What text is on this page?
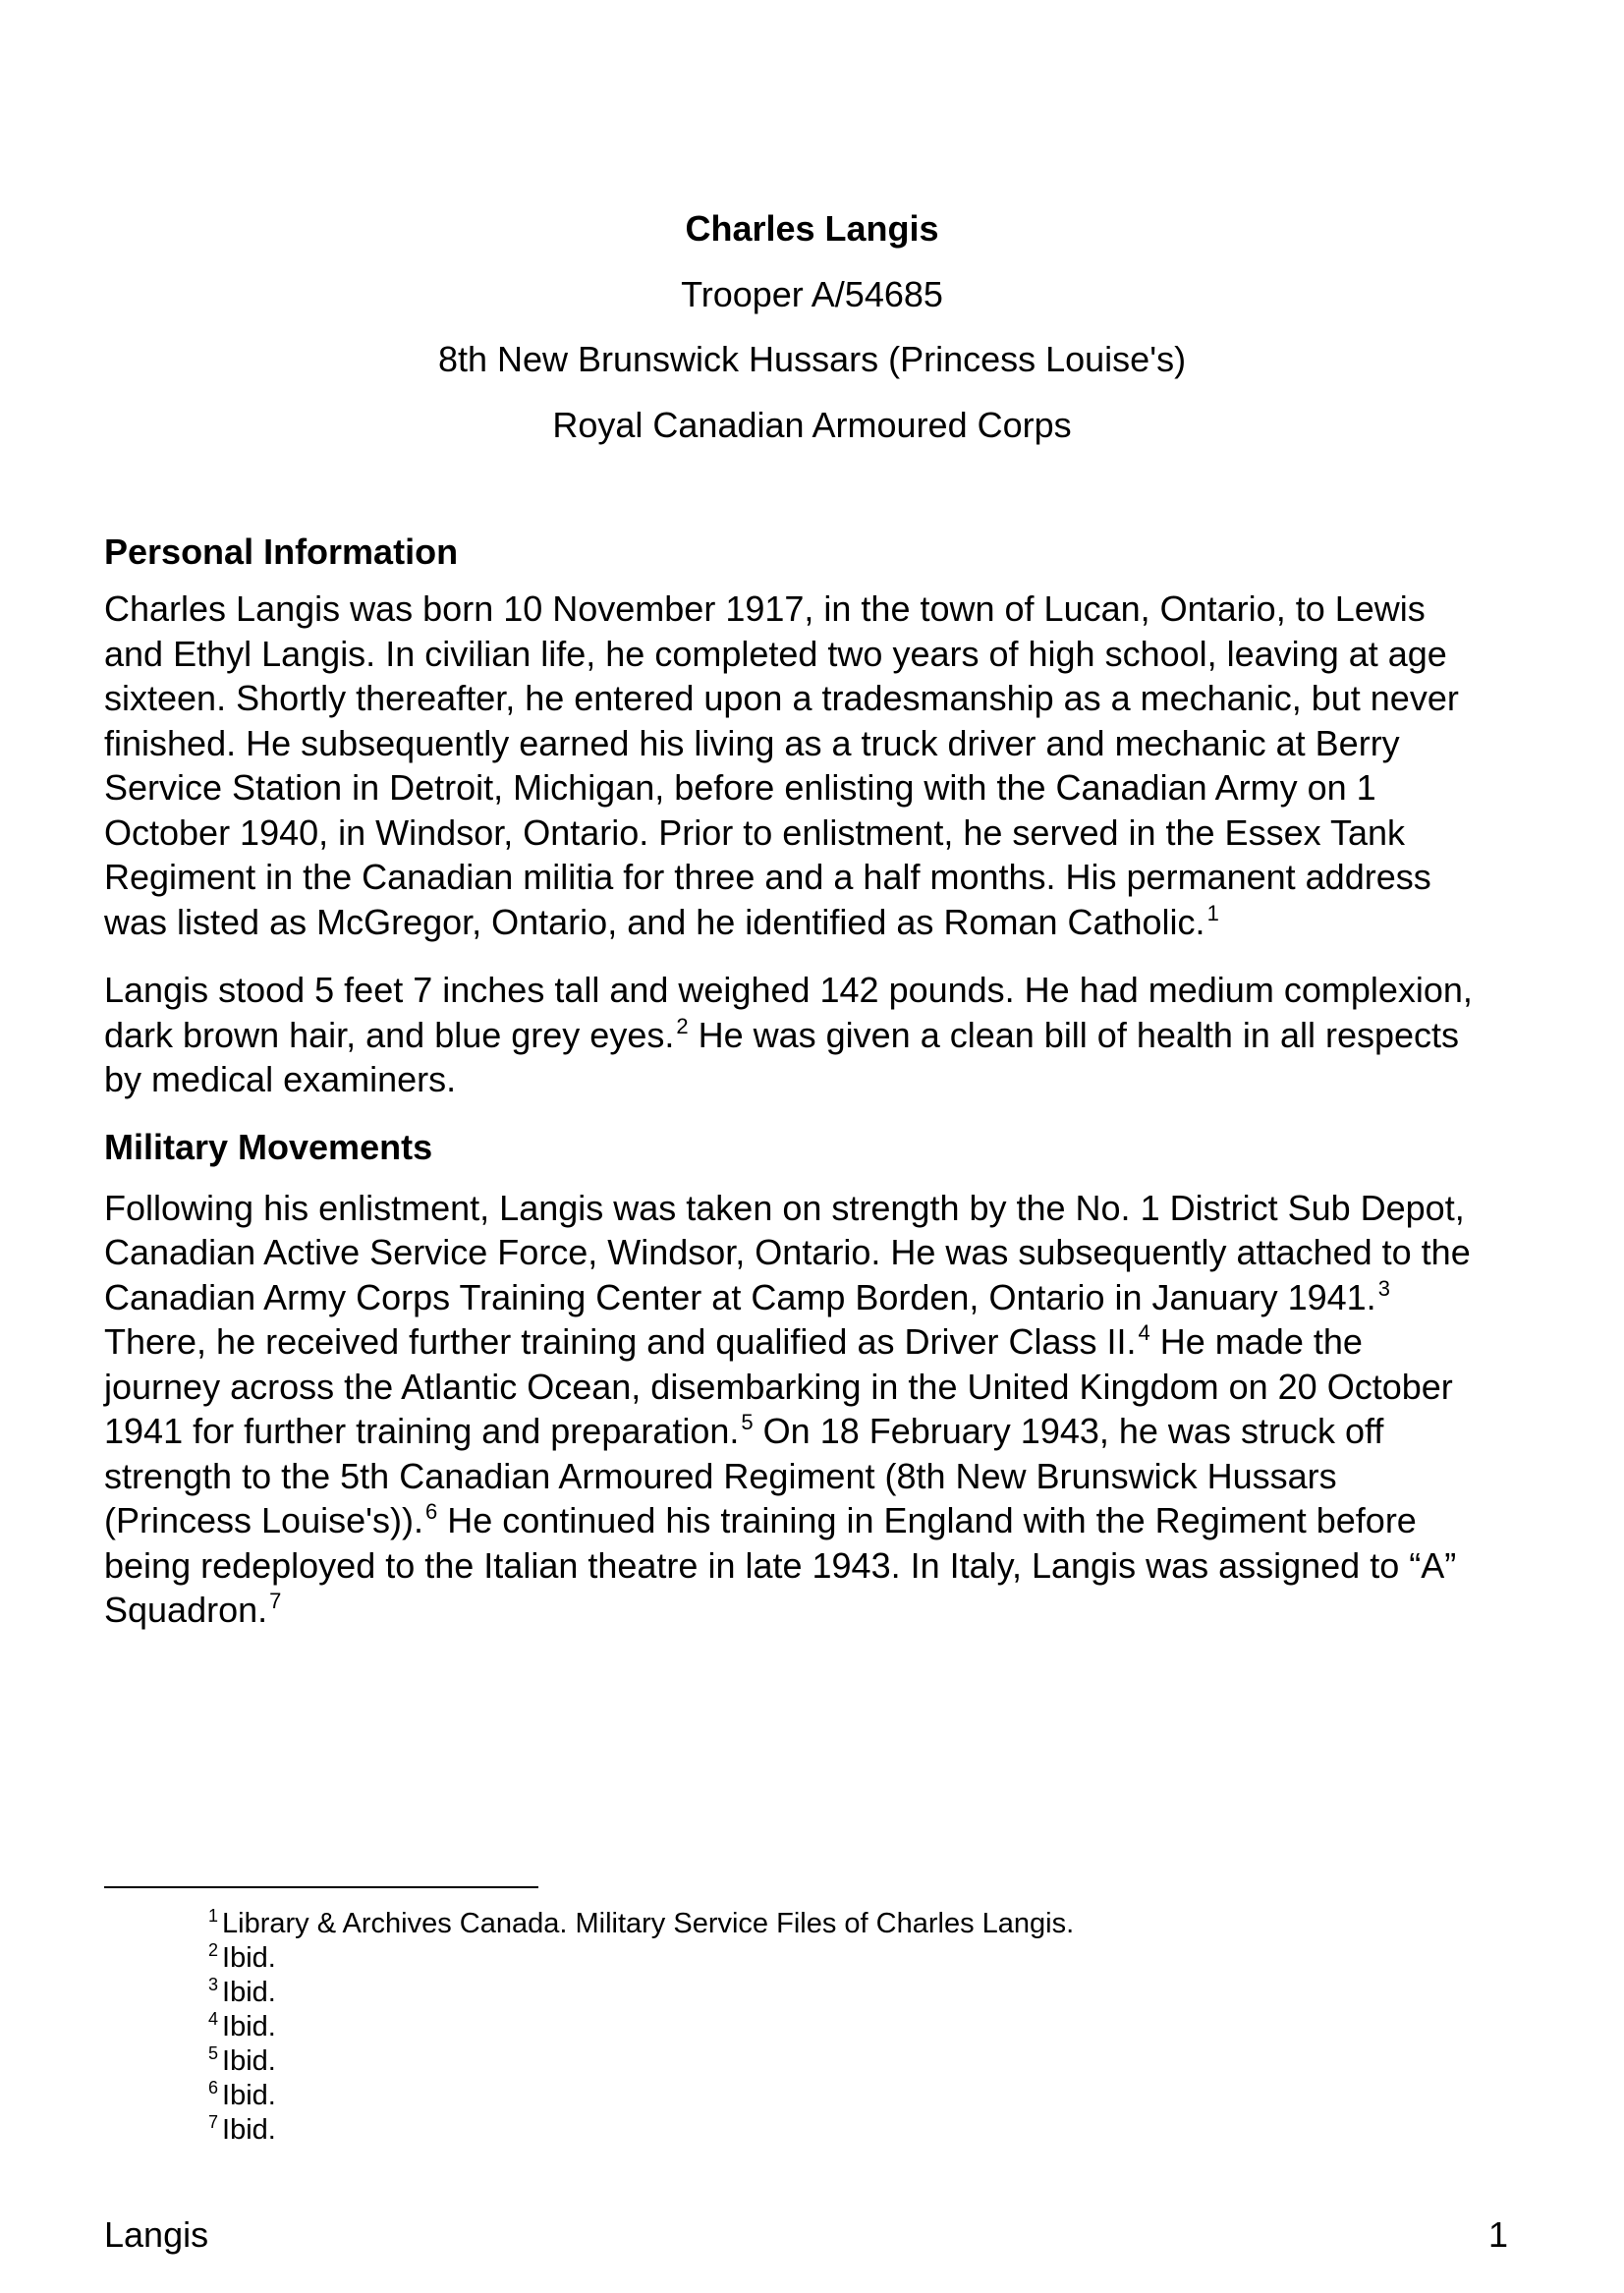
Charles Langis

Trooper A/54685

8th New Brunswick Hussars (Princess Louise's)

Royal Canadian Armoured Corps

Personal Information

Charles Langis was born 10 November 1917, in the town of Lucan, Ontario, to Lewis
and Ethyl Langis. In civilian life, he completed two years of high school, leaving at age
sixteen. Shortly thereafter, he entered upon a tradesmanship as a mechanic, but never
finished. He subsequently earned his living as a truck driver and mechanic at Berry
Service Station in Detroit, Michigan, before enlisting with the Canadian Army on 1
October 1940, in Windsor, Ontario. Prior to enlistment, he served in the Essex Tank
Regiment in the Canadian militia for three and a half months. His permanent address
was listed as McGregor, Ontario, and he identified as Roman Catholic.$^1$

Langis stood 5 feet 7 inches tall and weighed 142 pounds. He had medium complexion,
dark brown hair, and blue grey eyes.$^2$ He was given a clean bill of health in all respects
by medical examiners.

Military Movements

Following his enlistment, Langis was taken on strength by the No. 1 District Sub Depot,
Canadian Active Service Force, Windsor, Ontario. He was subsequently attached to the
Canadian Army Corps Training Center at Camp Borden, Ontario in January 1941.$^3$
There, he received further training and qualified as Driver Class II.$^4$ He made the
journey across the Atlantic Ocean, disembarking in the United Kingdom on 20 October
1941 for further training and preparation.$^5$ On 18 February 1943, he was struck off
strength to the 5th Canadian Armoured Regiment (8th New Brunswick Hussars
(Princess Louise's)).$^6$ He continued his training in England with the Regiment before
being redeployed to the Italian theatre in late 1943. In Italy, Langis was assigned to “A”
Squadron.$^7$

$^1$ Library & Archives Canada. Military Service Files of Charles Langis.
$^2$ Ibid.
$^3$ Ibid.
$^4$ Ibid.
$^5$ Ibid.
$^6$ Ibid.
$^7$ Ibid.
Langis	1
